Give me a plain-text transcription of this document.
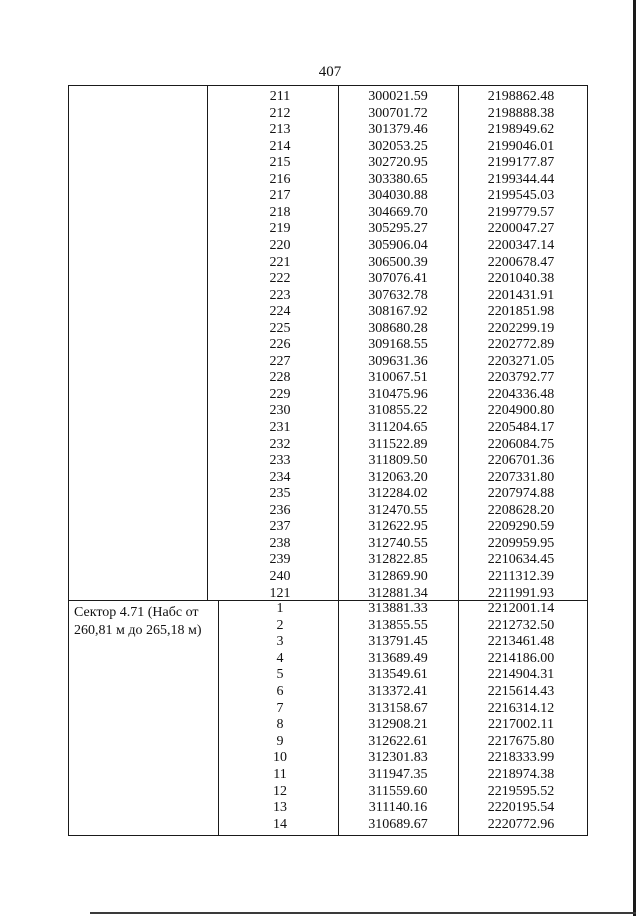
407
Сектор 4.71 (Набс от
260,81 м до 265,18 м)
211	300021.59	2198862.48
212	300701.72	2198888.38
213	301379.46	2198949.62
214	302053.25	2199046.01
215	302720.95	2199177.87
216	303380.65	2199344.44
217	304030.88	2199545.03
218	304669.70	2199779.57
219	305295.27	2200047.27
220	305906.04	2200347.14
221	306500.39	2200678.47
222	307076.41	2201040.38
223	307632.78	2201431.91
224	308167.92	2201851.98
225	308680.28	2202299.19
226	309168.55	2202772.89
227	309631.36	2203271.05
228	310067.51	2203792.77
229	310475.96	2204336.48
230	310855.22	2204900.80
231	311204.65	2205484.17
232	311522.89	2206084.75
233	311809.50	2206701.36
234	312063.20	2207331.80
235	312284.02	2207974.88
236	312470.55	2208628.20
237	312622.95	2209290.59
238	312740.55	2209959.95
239	312822.85	2210634.45
240	312869.90	2211312.39
121	312881.34	2211991.93
1	313881.33	2212001.14
2	313855.55	2212732.50
3	313791.45	2213461.48
4	313689.49	2214186.00
5	313549.61	2214904.31
6	313372.41	2215614.43
7	313158.67	2216314.12
8	312908.21	2217002.11
9	312622.61	2217675.80
10	312301.83	2218333.99
11	311947.35	2218974.38
12	311559.60	2219595.52
13	311140.16	2220195.54
14	310689.67	2220772.96
